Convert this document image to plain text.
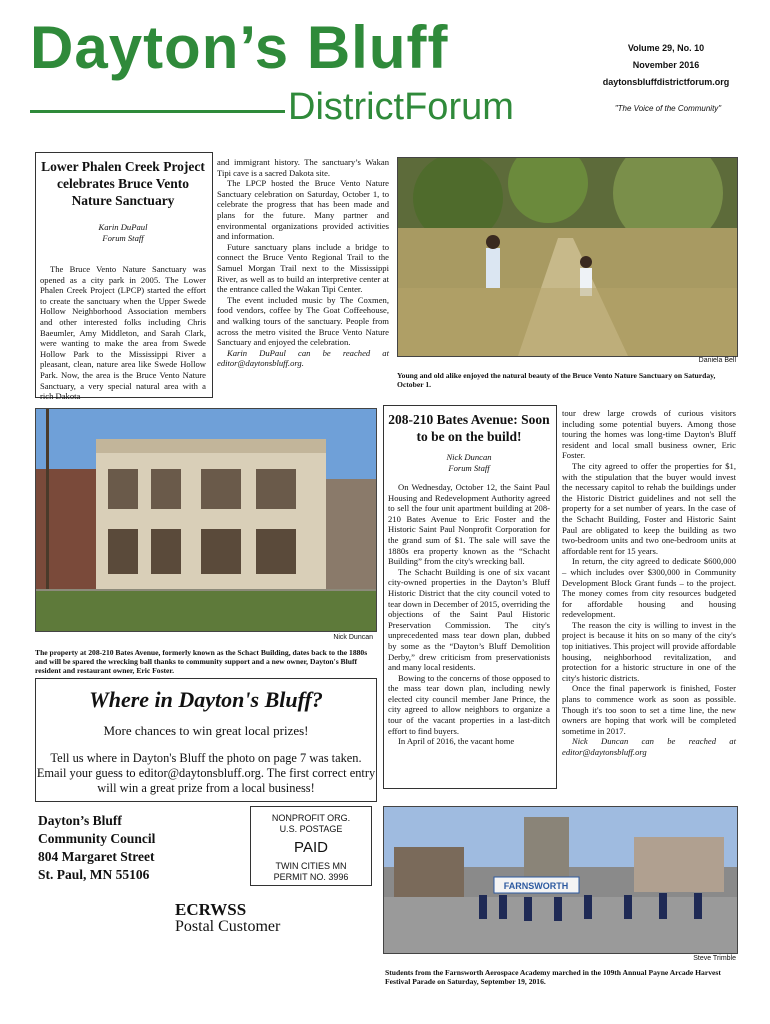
Dayton’s Bluff
DistrictForum
Volume 29, No. 10
November 2016
daytonsbluffdistrictforum.org
"The Voice of the Community"
Lower Phalen Creek Project celebrates Bruce Vento Nature Sanctuary
Karin DuPaul
Forum Staff

The Bruce Vento Nature Sanctuary was opened as a city park in 2005. The Lower Phalen Creek Project (LPCP) started the effort to create the sanctuary when the Upper Swede Hollow Neighborhood Association members and other interested folks including Chris Baeumler, Amy Middleton, and Sarah Clark, were wanting to make the area from Swede Hollow Park to the Mississippi River a pleasant, clean, nature area like Swede Hollow Park. Now, the area is the Bruce Vento Nature Sanctuary, a very special natural area with a rich Dakota

and immigrant history. The sanctuary’s Wakan Tipi cave is a sacred Dakota site.

The LPCP hosted the Bruce Vento Nature Sanctuary celebration on Saturday, October 1, to celebrate the progress that has been made and plans for the future. Many partner and environmental organizations provided activities and information.

Future sanctuary plans include a bridge to connect the Bruce Vento Regional Trail to the Samuel Morgan Trail next to the Mississippi River, as well as to build an interpretive center at the entrance called the Wakan Tipi Center.

The event included music by The Coxmen, food vendors, coffee by The Goat Coffeehouse, and walking tours of the sanctuary. People from across the metro visited the Bruce Vento Nature Sanctuary and enjoyed the celebration.

Karin DuPaul can be reached at editor@daytonsbluff.org.	Daniela Bell
Young and old alike enjoyed the natural beauty of the Bruce Vento Nature Sanctuary on Saturday, October 1.
Nick Duncan
The property at 208-210 Bates Avenue, formerly known as the Schact Building, dates back to the 1880s and will be spared the wrecking ball thanks to community support and a new owner, Dayton's Bluff resident and restaurant owner, Eric Foster.
208-210 Bates Avenue: Soon to be on the build!
Nick Duncan
Forum Staff

On Wednesday, October 12, the Saint Paul Housing and Redevelopment Authority agreed to sell the four unit apartment building at 208-210 Bates Avenue to Eric Foster and the Historic Saint Paul Nonprofit Corporation for the grand sum of $1. The sale will save the 1880s era property known as the “Schacht Building” from the city's wrecking ball.

The Schacht Building is one of six vacant city-owned properties in the Dayton’s Bluff Historic District that the city council voted to tear down in December of 2015, overriding the objections of the Saint Paul Historic Preservation Commission. The city's unprecedented mass tear down plan, dubbed by some as the “Dayton’s Bluff Demolition Derby,” drew criticism from preservationists and many local residents.

Bowing to the concerns of those opposed to the mass tear down plan, including newly elected city council member Jane Prince, the city agreed to allow neighbors to organize a tour of the vacant properties in a last-ditch effort to find buyers.

In April of 2016, the vacant home

tour drew large crowds of curious visitors including some potential buyers. Among those touring the homes was long-time Dayton's Bluff resident and local small business owner, Eric Foster.

The city agreed to offer the properties for $1, with the stipulation that the buyer would invest the necessary capitol to rehab the buildings under the Historic District guidelines and not sell the property for a set number of years. In the case of the Schacht Building, Foster and Historic Saint Paul are obligated to keep the building as two two-bedroom units and two one-bedroom units at affordable rent for 15 years.

In return, the city agreed to dedicate $600,000 – which includes over $300,000 in Community Development Block Grant funds – to the project. The money comes from city resources budgeted for affordable housing and housing redevelopment.

The reason the city is willing to invest in the project is because it hits on so many of the city's top initiatives. This project will provide affordable housing, neighborhood revitalization, and protection for a historic structure in one of the city's historic districts.

Once the final paperwork is finished, Foster plans to commence work as soon as possible. Though it's too soon to set a time line, the new owners are hoping that work will be completed sometime in 2017.

Nick Duncan can be reached at editor@daytonsbluff.org

Where in Dayton's Bluff?
More chances to win great local prizes!
Tell us where in Dayton's Bluff the photo on page 7 was taken. Email your guess to editor@daytonsbluff.org. The first correct entry will win a great prize from a local business!
Dayton’s Bluff
Community Council
804 Margaret Street
St. Paul, MN 55106
NONPROFIT ORG.
U.S. POSTAGE
PAID
TWIN CITIES MN
PERMIT NO. 3996
ECRWSS
Postal Customer
FARNSWORTH
Steve Trimble
Students from the Farnsworth Aerospace Academy marched in the 109th Annual Payne Arcade Harvest Festival Parade on Saturday, September 19, 2016.
